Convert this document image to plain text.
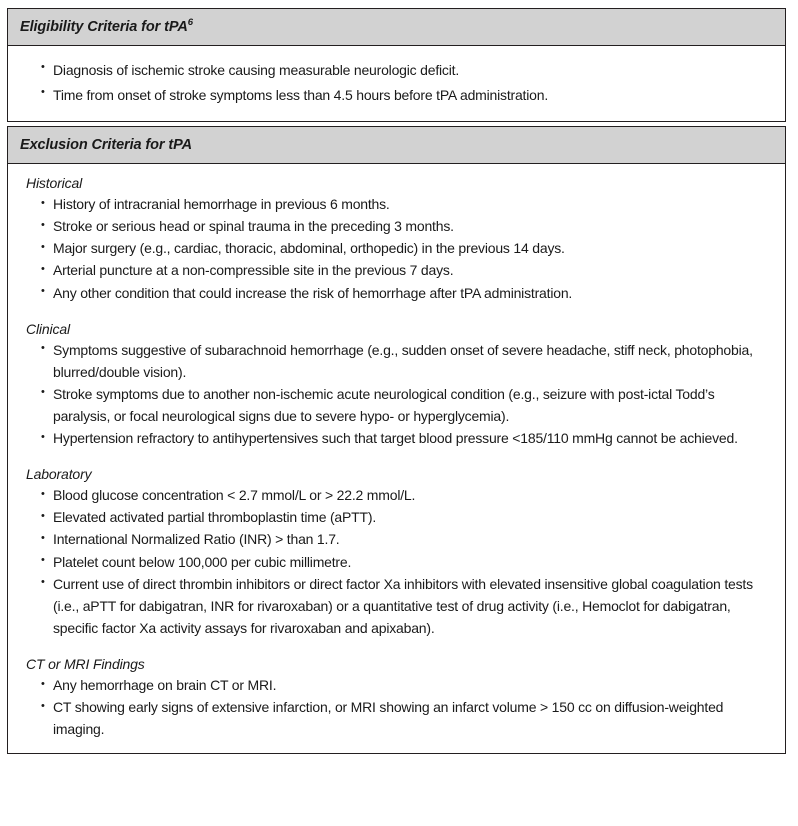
Eligibility Criteria for tPA$^6$
• Diagnosis of ischemic stroke causing measurable neurologic deficit.
• Time from onset of stroke symptoms less than 4.5 hours before tPA administration.
Exclusion Criteria for tPA
Historical
• History of intracranial hemorrhage in previous 6 months.
• Stroke or serious head or spinal trauma in the preceding 3 months.
• Major surgery (e.g., cardiac, thoracic, abdominal, orthopedic) in the previous 14 days.
• Arterial puncture at a non-compressible site in the previous 7 days.
• Any other condition that could increase the risk of hemorrhage after tPA administration.
Clinical
• Symptoms suggestive of subarachnoid hemorrhage (e.g., sudden onset of severe headache, stiff neck, photophobia, blurred/double vision).
• Stroke symptoms due to another non-ischemic acute neurological condition (e.g., seizure with post-ictal Todd’s paralysis, or focal neurological signs due to severe hypo- or hyperglycemia).
• Hypertension refractory to antihypertensives such that target blood pressure <185/110 mmHg cannot be achieved.
Laboratory
• Blood glucose concentration < 2.7 mmol/L or > 22.2 mmol/L.
• Elevated activated partial thromboplastin time (aPTT).
• International Normalized Ratio (INR) > than 1.7.
• Platelet count below 100,000 per cubic millimetre.
• Current use of direct thrombin inhibitors or direct factor Xa inhibitors with elevated insensitive global coagulation tests (i.e., aPTT for dabigatran, INR for rivaroxaban) or a quantitative test of drug activity (i.e., Hemoclot for dabigatran, specific factor Xa activity assays for rivaroxaban and apixaban).
CT or MRI Findings
• Any hemorrhage on brain CT or MRI.
• CT showing early signs of extensive infarction, or MRI showing an infarct volume > 150 cc on diffusion-weighted imaging.
